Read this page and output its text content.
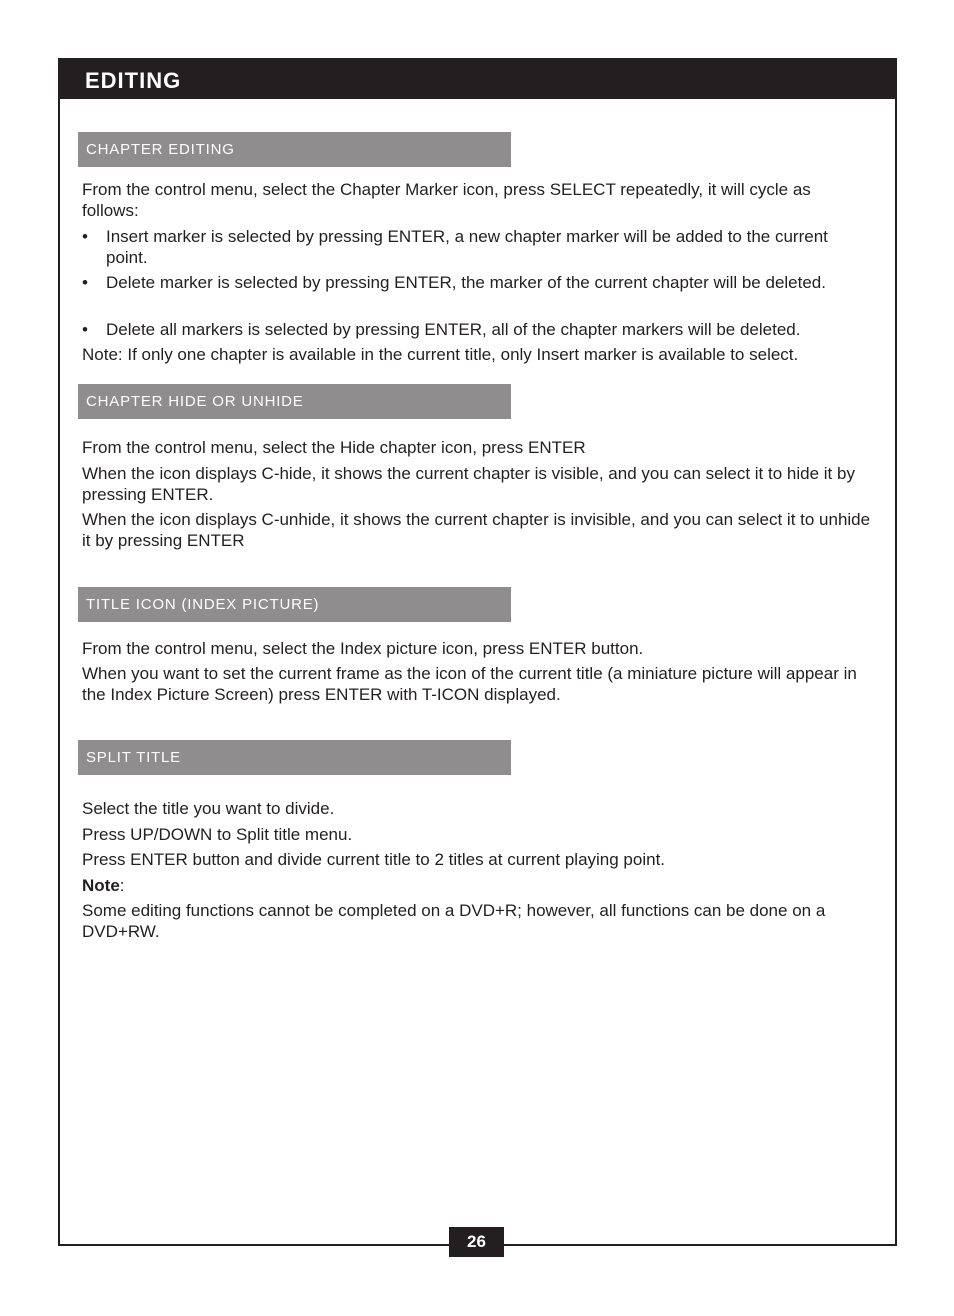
EDITING
CHAPTER EDITING
From the control menu, select the Chapter Marker icon, press SELECT repeatedly, it will cycle as follows:
•	Insert marker is selected by pressing ENTER, a new chapter marker will be added to the current point.
•	Delete marker is selected by pressing ENTER, the marker of the current chapter will be deleted.
•	Delete all markers is selected by pressing ENTER, all of the chapter markers will be deleted.
Note: If only one chapter is available in the current title, only Insert marker is available to select.
CHAPTER HIDE OR UNHIDE
From the control menu, select the Hide chapter icon, press ENTER
When the icon displays C-hide, it shows the current chapter is visible, and you can select it to hide it by pressing ENTER.
When the icon displays C-unhide, it shows the current chapter is invisible, and you can select it to unhide it by pressing ENTER
TITLE ICON (INDEX PICTURE)
From the control menu, select the Index picture icon, press ENTER button.
When you want to set the current frame as the icon of the current title (a miniature picture will appear in the Index Picture Screen) press ENTER with T-ICON displayed.
SPLIT TITLE
Select the title you want to divide.
Press UP/DOWN to Split title menu.
Press ENTER button and divide current title to 2 titles at current playing point.
Note:
Some editing functions cannot be completed on a DVD+R; however, all functions can be done on a DVD+RW.
26
